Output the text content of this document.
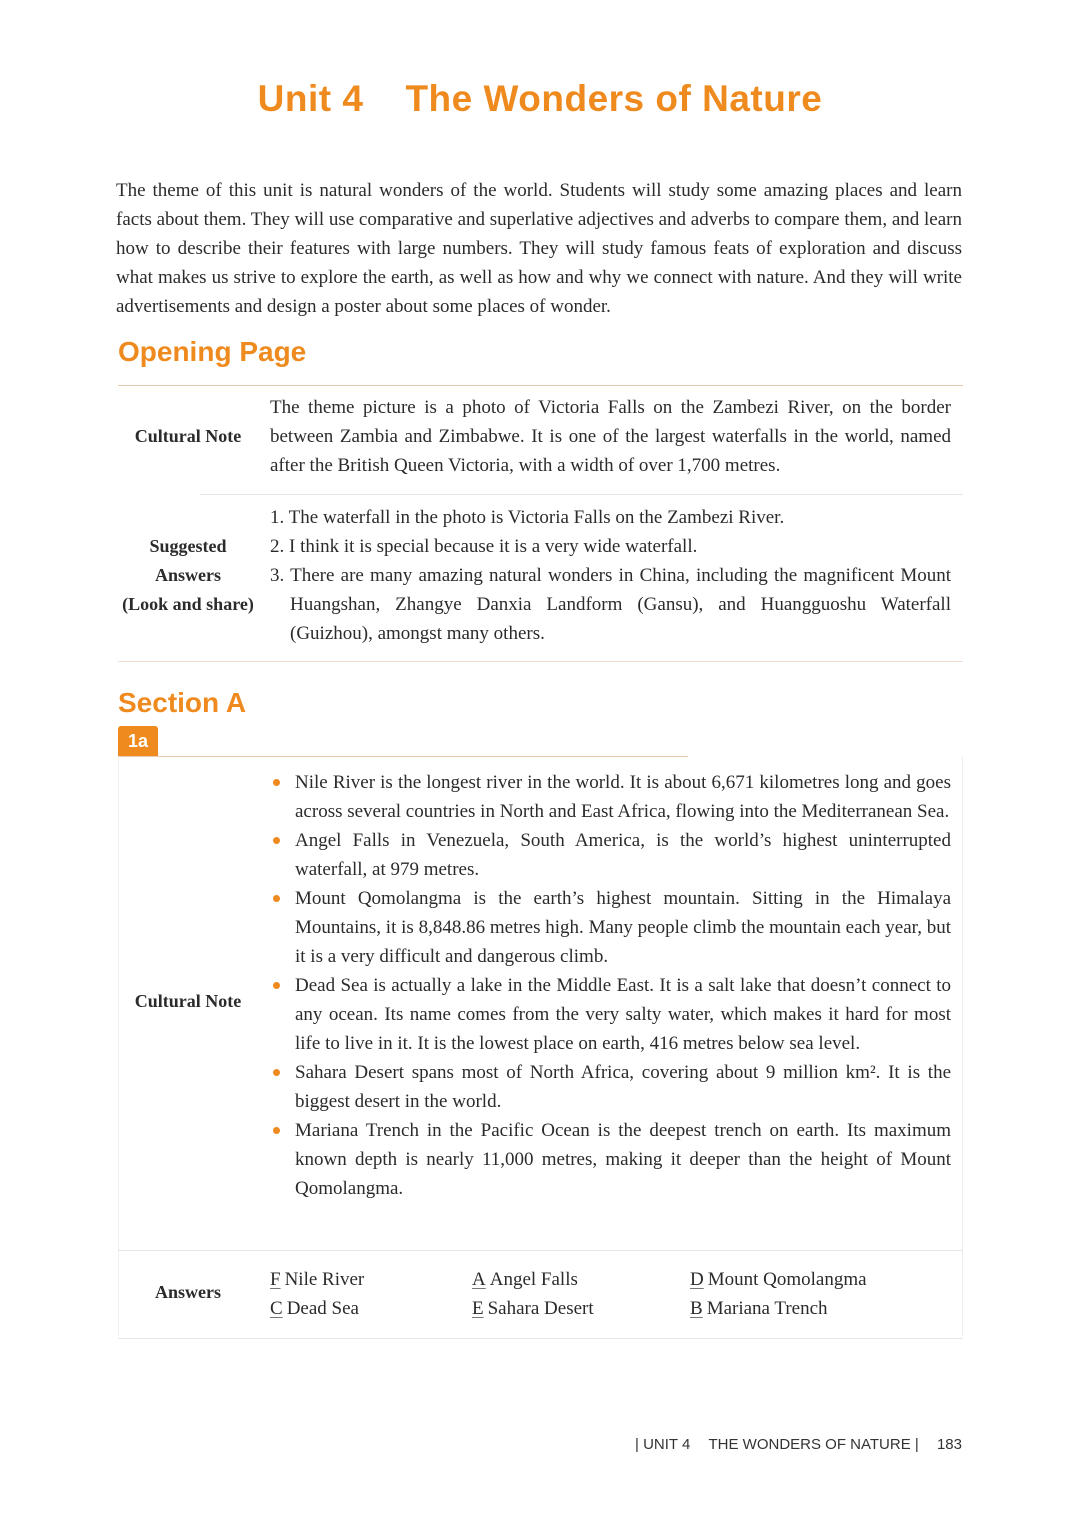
Unit 4 The Wonders of Nature
The theme of this unit is natural wonders of the world. Students will study some amazing places and learn facts about them. They will use comparative and superlative adjectives and adverbs to compare them, and learn how to describe their features with large numbers. They will study famous feats of exploration and discuss what makes us strive to explore the earth, as well as how and why we connect with nature. And they will write advertisements and design a poster about some places of wonder.
Opening Page
Cultural Note

The theme picture is a photo of Victoria Falls on the Zambezi River, on the border between Zambia and Zimbabwe. It is one of the largest waterfalls in the world, named after the British Queen Victoria, with a width of over 1,700 metres.

Suggested
Answers
(Look and share)
1. The waterfall in the photo is Victoria Falls on the Zambezi River.
2. I think it is special because it is a very wide waterfall.
3. There are many amazing natural wonders in China, including the magnificent Mount Huangshan, Zhangye Danxia Landform (Gansu), and Huangguoshu Waterfall (Guizhou), amongst many others.
Section A
1a
Cultural Note
Nile River is the longest river in the world. It is about 6,671 kilometres long and goes across several countries in North and East Africa, flowing into the Mediterranean Sea.
Angel Falls in Venezuela, South America, is the world’s highest uninterrupted waterfall, at 979 metres.
Mount Qomolangma is the earth’s highest mountain. Sitting in the Himalaya Mountains, it is 8,848.86 metres high. Many people climb the mountain each year, but it is a very difficult and dangerous climb.
Dead Sea is actually a lake in the Middle East. It is a salt lake that doesn’t connect to any ocean. Its name comes from the very salty water, which makes it hard for most life to live in it. It is the lowest place on earth, 416 metres below sea level.
Sahara Desert spans most of North Africa, covering about 9 million km². It is the biggest desert in the world.
Mariana Trench in the Pacific Ocean is the deepest trench on earth. Its maximum known depth is nearly 11,000 metres, making it deeper than the height of Mount Qomolangma.
Answers
F Nile River
C Dead Sea
A Angel Falls
E Sahara Desert
D Mount Qomolangma
B Mariana Trench
| UNIT 4 THE WONDERS OF NATURE | 183
